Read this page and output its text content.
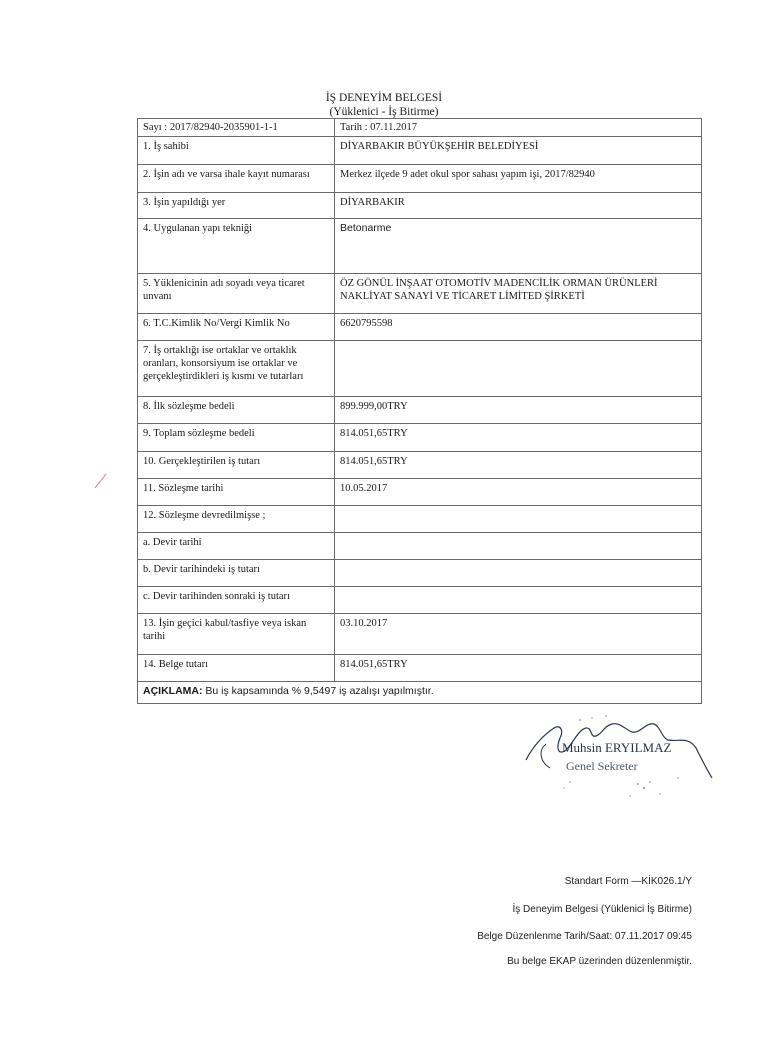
İŞ DENEYİM BELGESİ
(Yüklenici - İş Bitirme)
Sayı : 2017/82940-2035901-1-1	Tarih : 07.11.2017
1. İş sahibi	DİYARBAKIR BÜYÜKŞEHİR BELEDİYESİ
2. İşin adı ve varsa ihale kayıt numarası	Merkez ilçede 9 adet okul spor sahası yapım işi, 2017/82940
3. İşin yapıldığı yer	DİYARBAKIR
4. Uygulanan yapı tekniği	Betonarme
5. Yüklenicinin adı soyadı veya ticaret unvanı	ÖZ GÖNÜL İNŞAAT OTOMOTİV MADENCİLİK ORMAN ÜRÜNLERİ NAKLİYAT SANAYİ VE TİCARET LİMİTED ŞİRKETİ
6. T.C.Kimlik No/Vergi Kimlik No	6620795598
7. İş ortaklığı ise ortaklar ve ortaklık oranları, konsorsiyum ise ortaklar ve gerçekleştirdikleri iş kısmı ve tutarları	
8. İlk sözleşme bedeli	899.999,00TRY
9. Toplam sözleşme bedeli	814.051,65TRY
10. Gerçekleştirilen iş tutarı	814.051,65TRY
11. Sözleşme tarihi	10.05.2017
12. Sözleşme devredilmişse ;	
a. Devir tarihi	
b. Devir tarihindeki iş tutarı	
c. Devir tarihinden sonraki iş tutarı	
13. İşin geçici kabul/tasfiye veya iskan tarihi	03.10.2017
14. Belge tutarı	814.051,65TRY
AÇIKLAMA: Bu iş kapsamında % 9,5497 iş azalışı yapılmıştır.	
Muhsin ERYILMAZ
Genel Sekreter
Standart Form —KİK026.1/Y
İş Deneyim Belgesi (Yüklenici İş Bitirme)
Belge Düzenlenme Tarih/Saat: 07.11.2017 09:45
Bu belge EKAP üzerinden düzenlenmiştir.
